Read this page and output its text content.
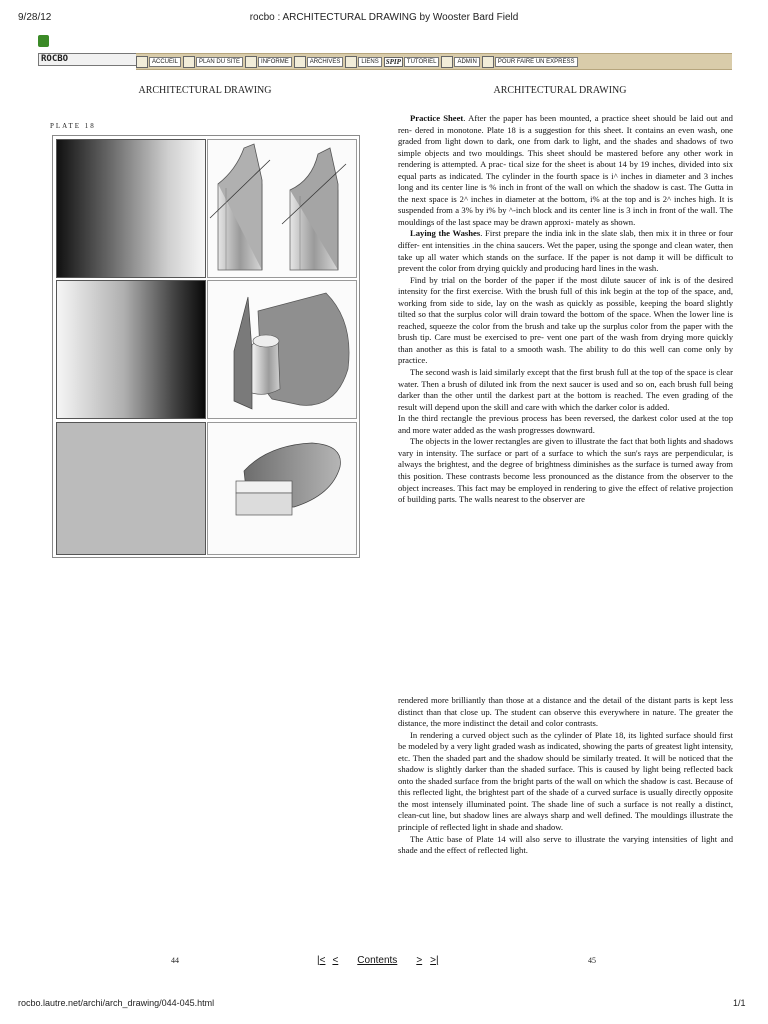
9/28/12	rocbo : ARCHITECTURAL DRAWING by Wooster Bard Field
ROCBO	ACCUEIL	PLAN DU SITE	INFORME	ARCHIVES	LIENS	SPIP	TUTORIEL	ADMIN	POUR FAIRE UN EXPRESS
ARCHITECTURAL DRAWING	ARCHITECTURAL DRAWING
PLATE 18

Practice Sheet. After the paper has been mounted, a practice sheet should be laid out and ren- dered in monotone. Plate 18 is a suggestion for this sheet. It contains an even wash, one graded from light down to dark, one from dark to light, and the shades and shadows of two simple objects and two mouldings. This sheet should be mastered before any other work in rendering is attempted. A prac- tical size for the sheet is about 14 by 19 inches, divided into six equal parts as indicated. The cylinder in the fourth space is i^ inches in diameter and 3 inches long and its center line is % inch in front of the wall on which the shadow is cast. The Gutta in the next space is 2^ inches in diameter at the bottom, i% at the top and is 2^ inches high. It is suspended from a 3% by i% by ^-inch block and its center line is 3 inch in front of the wall. The mouldings of the last space may be drawn approxi- mately as shown.

Laying the Washes. First prepare the india ink in the slate slab, then mix it in three or four differ- ent intensities .in the china saucers. Wet the paper, using the sponge and clean water, then take up all water which stands on the surface. If the paper is not damp it will be difficult to prevent the color from drying quickly and producing hard lines in the wash.

Find by trial on the border of the paper if the most dilute saucer of ink is of the desired intensity for the first exercise. With the brush full of this ink begin at the top of the space, and, working from side to side, lay on the wash as quickly as possible, keeping the board slightly tilted so that the surplus color will drain toward the bottom of the space. When the lower line is reached, squeeze the color from the brush and take up the surplus color from the paper with the brush tip. Care must be exercised to pre- vent one part of the wash from drying more quickly than another as this is fatal to a smooth wash. The ability to do this well can come only by practice.

The second wash is laid similarly except that the first brush full at the top of the space is clear water. Then a brush of diluted ink from the next saucer is used and so on, each brush full being darker than the other until the darkest part at the bottom is reached. The even grading of the result will depend upon the skill and care with which the darker color is added.

In the third rectangle the previous process has been reversed, the darkest color used at the top and more water added as the wash progresses downward.

The objects in the lower rectangles are given to illustrate the fact that both lights and shadows vary in intensity. The surface or part of a surface to which the sun's rays are perpendicular, is always the brightest, and the degree of brightness diminishes as the surface is turned away from this position. These contrasts become less pronounced as the distance from the observer to the object increases. This fact may be employed in rendering to give the effect of relative projection of building parts. The walls nearest to the observer are

rendered more brilliantly than those at a distance and the detail of the distant parts is kept less distinct than that close up. The student can observe this everywhere in nature. The greater the distance, the more indistinct the detail and color contrasts.

In rendering a curved object such as the cylinder of Plate 18, its lighted surface should first be modeled by a very light graded wash as indicated, showing the parts of greatest light intensity, etc. Then the shaded part and the shadow should be similarly treated. It will be noticed that the shadow is slightly darker than the shaded surface. This is caused by light being reflected back onto the shaded surface from the bright parts of the wall on which the shadow is cast. Because of this reflected light, the brightest part of the shade of a curved surface is usually directly opposite the most intensely illuminated point. The shade line of such a surface is not really a distinct, clean-cut line, but shadow lines are always sharp and well defined. The mouldings illustrate the principle of reflected light in shade and shadow.

The Attic base of Plate 14 will also serve to illustrate the varying intensities of light and shade and the effect of reflected light.

44	45
|< < Contents > >|
rocbo.lautre.net/archi/arch_drawing/044-045.html	1/1
